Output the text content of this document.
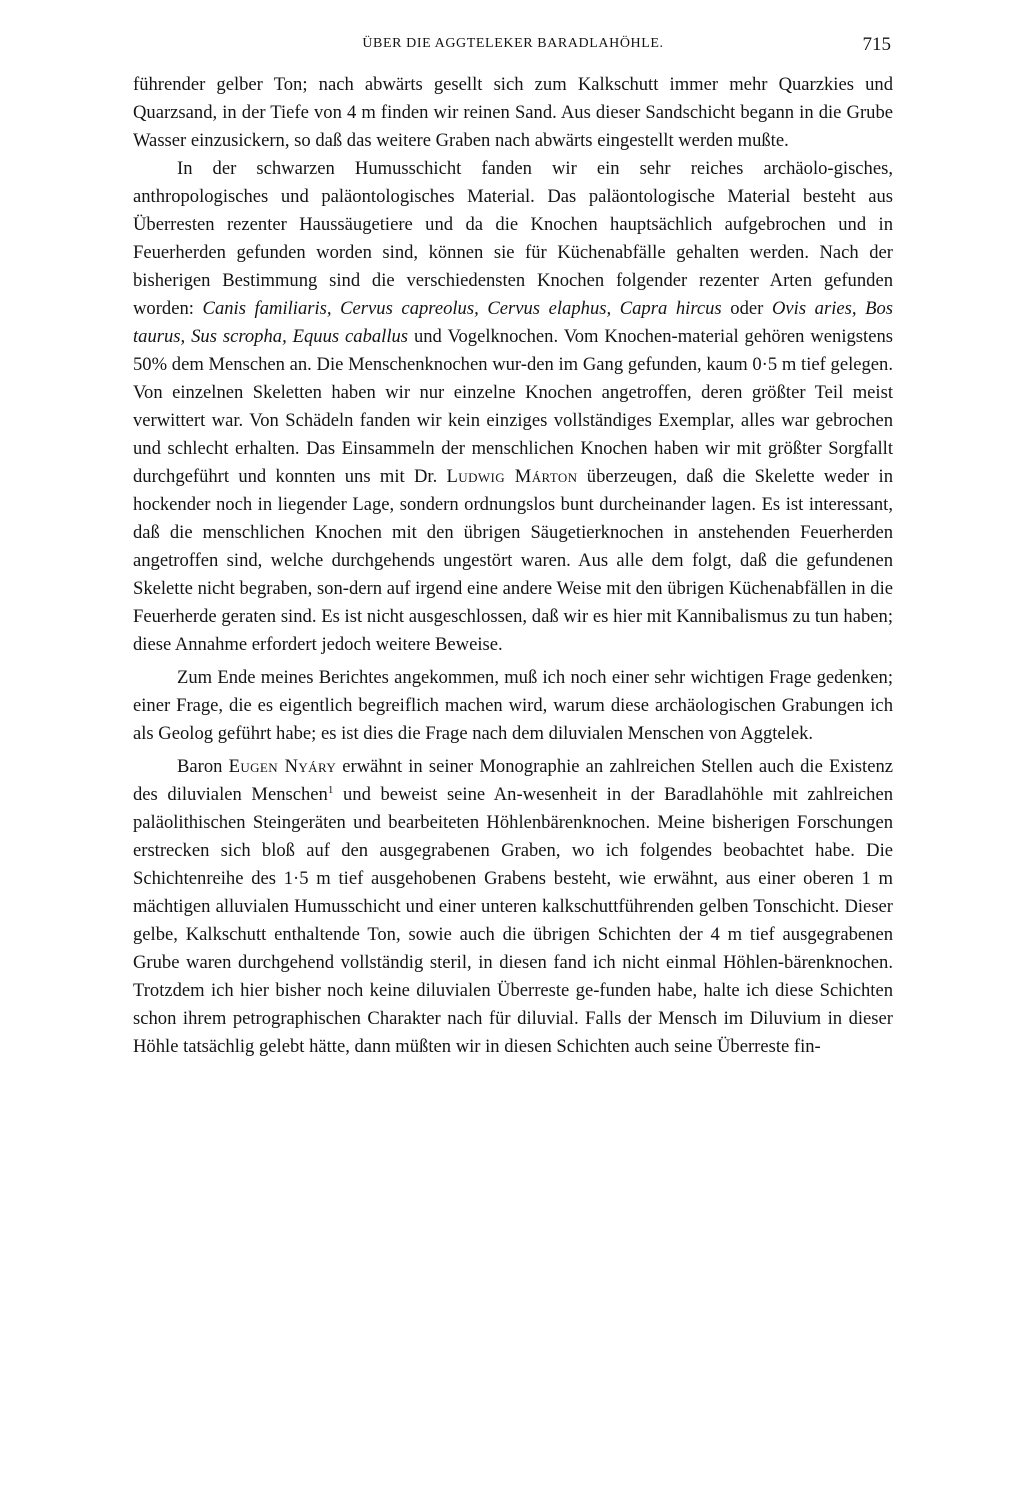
ÜBER DIE AGGTELEKER BARADLAHÖHLE.	715

führender gelber Ton; nach abwärts gesellt sich zum Kalkschutt immer mehr Quarzkies und Quarzsand, in der Tiefe von 4 m finden wir reinen Sand. Aus dieser Sandschicht begann in die Grube Wasser einzusickern, so daß das weitere Graben nach abwärts eingestellt werden mußte.

In der schwarzen Humusschicht fanden wir ein sehr reiches archäolo-gisches, anthropologisches und paläontologisches Material. Das paläontologische Material besteht aus Überresten rezenter Haussäugetiere und da die Knochen hauptsächlich aufgebrochen und in Feuerherden gefunden worden sind, können sie für Küchenabfälle gehalten werden. Nach der bisherigen Bestimmung sind die verschiedensten Knochen folgender rezenter Arten gefunden worden: Canis familiaris, Cervus capreolus, Cervus elaphus, Capra hircus oder Ovis aries, Bos taurus, Sus scropha, Equus caballus und Vogelknochen. Vom Knochen-material gehören wenigstens 50% dem Menschen an. Die Menschenknochen wur-den im Gang gefunden, kaum 0·5 m tief gelegen. Von einzelnen Skeletten haben wir nur einzelne Knochen angetroffen, deren größter Teil meist verwittert war. Von Schädeln fanden wir kein einziges vollständiges Exemplar, alles war gebrochen und schlecht erhalten. Das Einsammeln der menschlichen Knochen haben wir mit größter Sorgfallt durchgeführt und konnten uns mit Dr. Ludwig Márton überzeugen, daß die Skelette weder in hockender noch in liegender Lage, sondern ordnungslos bunt durcheinander lagen. Es ist interessant, daß die menschlichen Knochen mit den übrigen Säugetierknochen in anstehenden Feuerherden angetroffen sind, welche durchgehends ungestört waren. Aus alle dem folgt, daß die gefundenen Skelette nicht begraben, son-dern auf irgend eine andere Weise mit den übrigen Küchenabfällen in die Feuerherde geraten sind. Es ist nicht ausgeschlossen, daß wir es hier mit Kannibalismus zu tun haben; diese Annahme erfordert jedoch weitere Beweise.

Zum Ende meines Berichtes angekommen, muß ich noch einer sehr wichtigen Frage gedenken; einer Frage, die es eigentlich begreiflich machen wird, warum diese archäologischen Grabungen ich als Geolog geführt habe; es ist dies die Frage nach dem diluvialen Menschen von Aggtelek.

Baron Eugen Nyáry erwähnt in seiner Monographie an zahlreichen Stellen auch die Existenz des diluvialen Menschen$^1$ und beweist seine An-wesenheit in der Baradlahöhle mit zahlreichen paläolithischen Steingeräten und bearbeiteten Höhlenbärenknochen. Meine bisherigen Forschungen erstrecken sich bloß auf den ausgegrabenen Graben, wo ich folgendes beobachtet habe. Die Schichtenreihe des 1·5 m tief ausgehobenen Grabens besteht, wie erwähnt, aus einer oberen 1 m mächtigen alluvialen Humusschicht und einer unteren kalkschuttführenden gelben Tonschicht. Dieser gelbe, Kalkschutt enthaltende Ton, sowie auch die übrigen Schichten der 4 m tief ausgegrabenen Grube waren durchgehend vollständig steril, in diesen fand ich nicht einmal Höhlen-bärenknochen. Trotzdem ich hier bisher noch keine diluvialen Überreste ge-funden habe, halte ich diese Schichten schon ihrem petrographischen Charakter nach für diluvial. Falls der Mensch im Diluvium in dieser Höhle tatsächlig gelebt hätte, dann müßten wir in diesen Schichten auch seine Überreste fin-
